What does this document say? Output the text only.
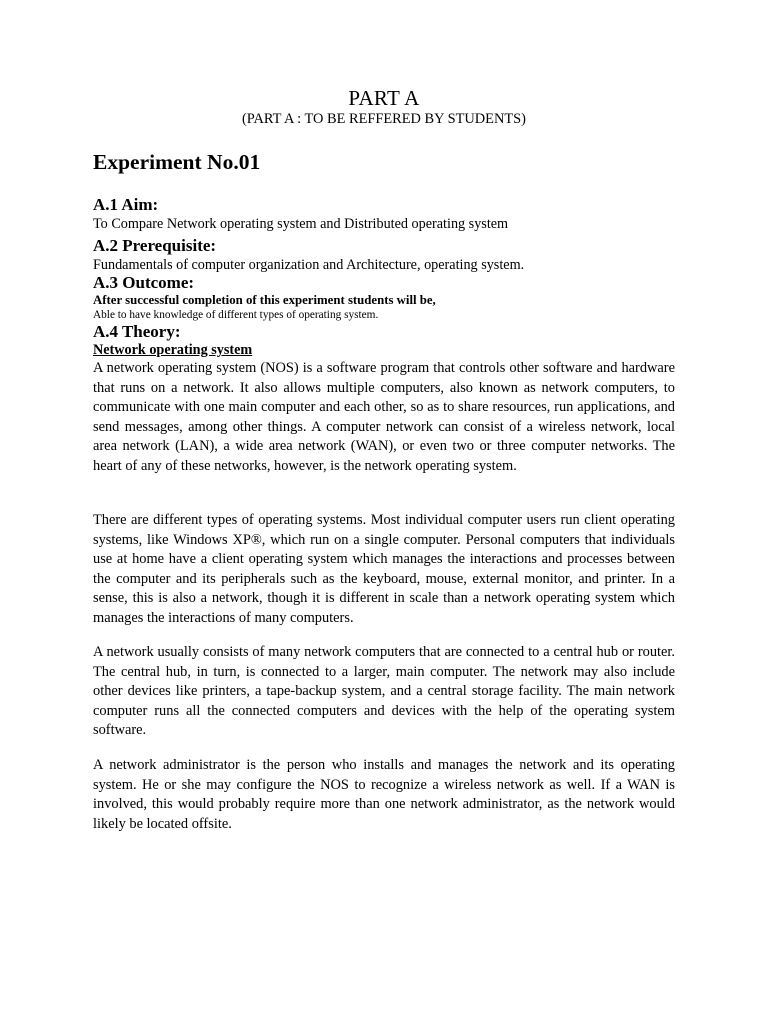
PART A
(PART A : TO BE REFFERED BY STUDENTS)
Experiment No.01
A.1 Aim:
To Compare Network operating system and Distributed operating system
A.2 Prerequisite:
Fundamentals of computer organization and Architecture, operating system.
A.3 Outcome:
After successful completion of this experiment students will be,
Able to have knowledge of different types of operating system.
A.4 Theory:
Network operating system

A network operating system (NOS) is a software program that controls other software and hardware that runs on a network. It also allows multiple computers, also known as network computers, to communicate with one main computer and each other, so as to share resources, run applications, and send messages, among other things. A computer network can consist of a wireless network, local area network (LAN), a wide area network (WAN), or even two or three computer networks. The heart of any of these networks, however, is the network operating system.

There are different types of operating systems. Most individual computer users run client operating systems, like Windows XP®, which run on a single computer. Personal computers that individuals use at home have a client operating system which manages the interactions and processes between the computer and its peripherals such as the keyboard, mouse, external monitor, and printer. In a sense, this is also a network, though it is different in scale than a network operating system which manages the interactions of many computers.

A network usually consists of many network computers that are connected to a central hub or router. The central hub, in turn, is connected to a larger, main computer. The network may also include other devices like printers, a tape-backup system, and a central storage facility. The main network computer runs all the connected computers and devices with the help of the operating system software.

A network administrator is the person who installs and manages the network and its operating system. He or she may configure the NOS to recognize a wireless network as well. If a WAN is involved, this would probably require more than one network administrator, as the network would likely be located offsite.
